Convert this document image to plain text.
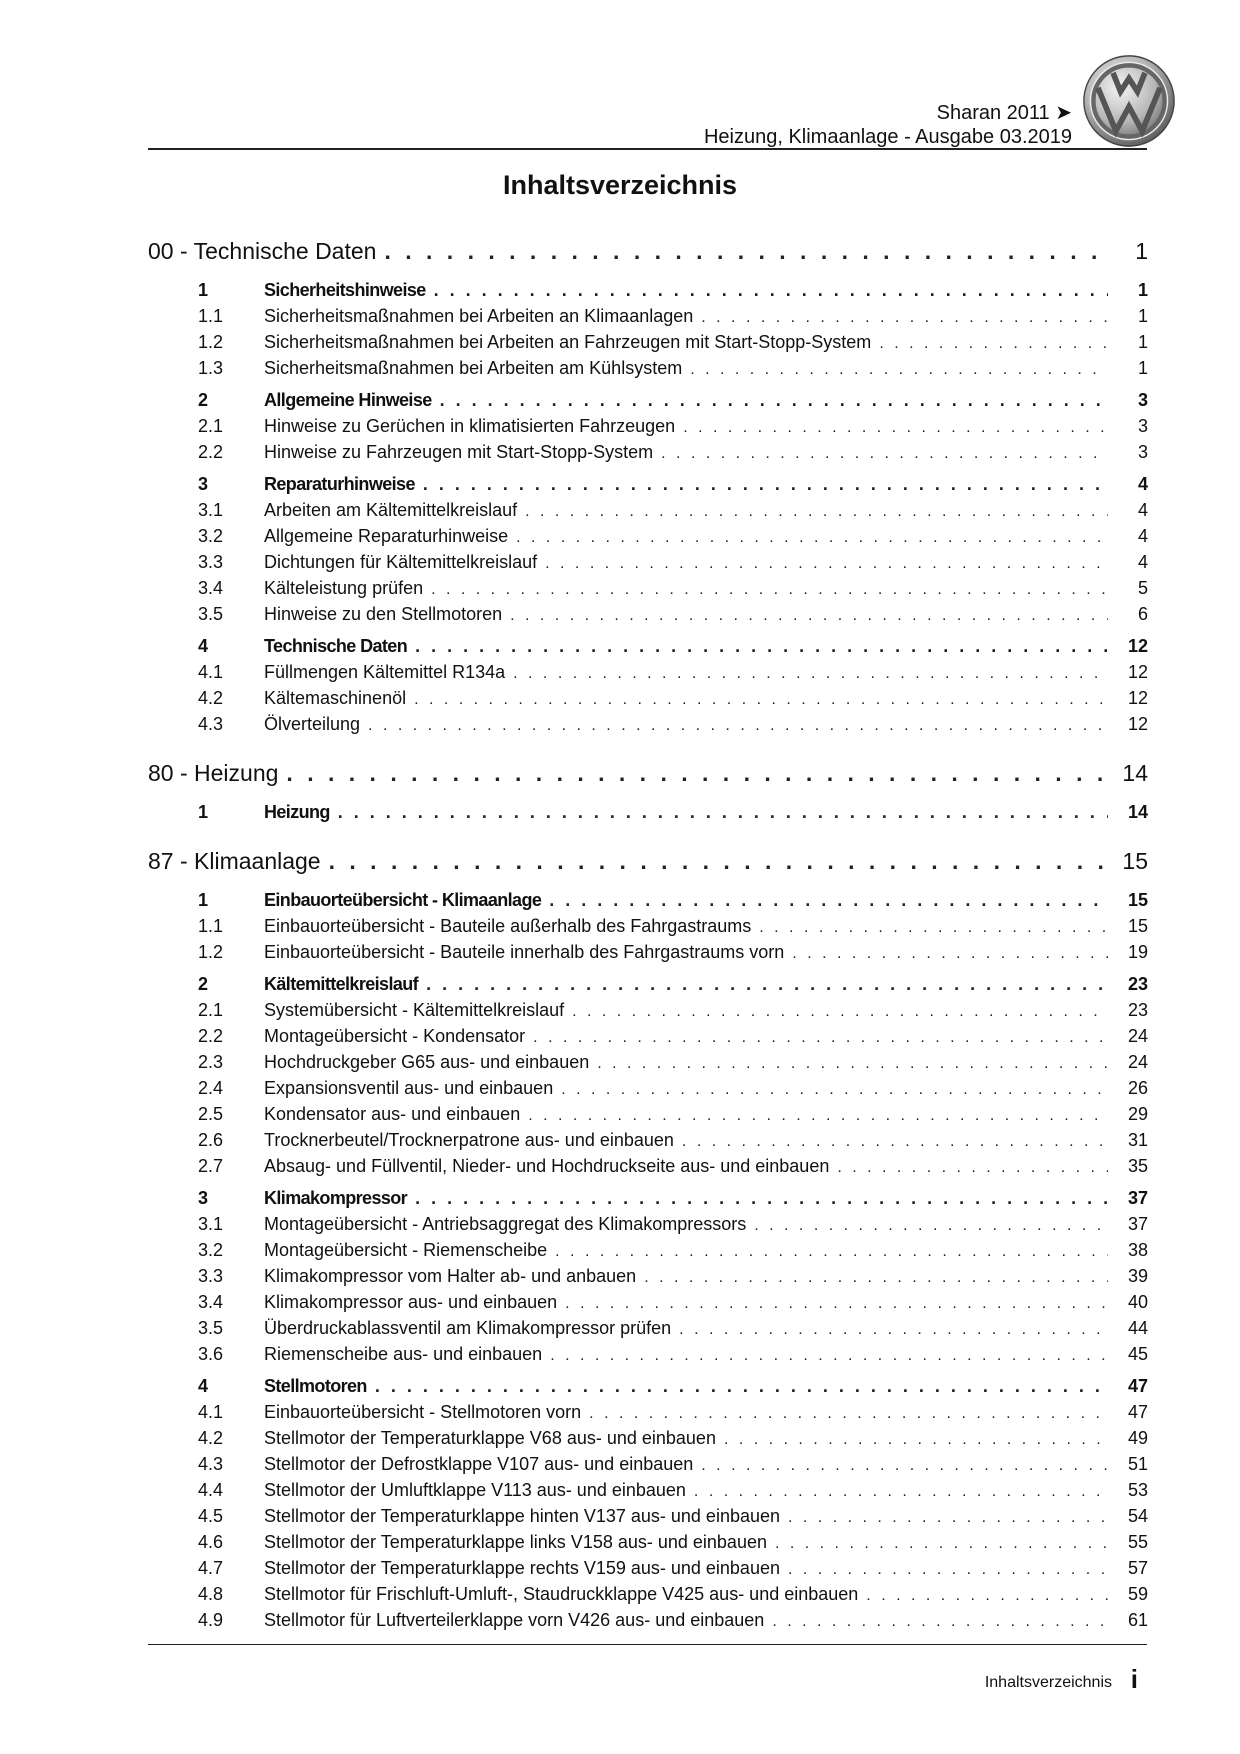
Sharan 2011 ➤
Heizung, Klimaanlage - Ausgabe 03.2019
Inhaltsverzeichnis
00 - Technische Daten . . .	1
1	Sicherheitshinweise . . .	1
1.1	Sicherheitsmaßnahmen bei Arbeiten an Klimaanlagen . . .	1
1.2	Sicherheitsmaßnahmen bei Arbeiten an Fahrzeugen mit Start-Stopp-System . . .	1
1.3	Sicherheitsmaßnahmen bei Arbeiten am Kühlsystem . . .	1
2	Allgemeine Hinweise . . .	3
2.1	Hinweise zu Gerüchen in klimatisierten Fahrzeugen . . .	3
2.2	Hinweise zu Fahrzeugen mit Start-Stopp-System . . .	3
3	Reparaturhinweise . . .	4
3.1	Arbeiten am Kältemittelkreislauf . . .	4
3.2	Allgemeine Reparaturhinweise . . .	4
3.3	Dichtungen für Kältemittelkreislauf . . .	4
3.4	Kälteleistung prüfen . . .	5
3.5	Hinweise zu den Stellmotoren . . .	6
4	Technische Daten . . .	12
4.1	Füllmengen Kältemittel R134a . . .	12
4.2	Kältemaschinenöl . . .	12
4.3	Ölverteilung . . .	12
80 - Heizung . . .	14
1	Heizung . . .	14
87 - Klimaanlage . . .	15
1	Einbauorteübersicht - Klimaanlage . . .	15
1.1	Einbauorteübersicht - Bauteile außerhalb des Fahrgastraums . . .	15
1.2	Einbauorteübersicht - Bauteile innerhalb des Fahrgastraums vorn . . .	19
2	Kältemittelkreislauf . . .	23
2.1	Systemübersicht - Kältemittelkreislauf . . .	23
2.2	Montageübersicht - Kondensator . . .	24
2.3	Hochdruckgeber G65 aus- und einbauen . . .	24
2.4	Expansionsventil aus- und einbauen . . .	26
2.5	Kondensator aus- und einbauen . . .	29
2.6	Trocknerbeutel/Trocknerpatrone aus- und einbauen . . .	31
2.7	Absaug- und Füllventil, Nieder- und Hochdruckseite aus- und einbauen . . .	35
3	Klimakompressor . . .	37
3.1	Montageübersicht - Antriebsaggregat des Klimakompressors . . .	37
3.2	Montageübersicht - Riemenscheibe . . .	38
3.3	Klimakompressor vom Halter ab- und anbauen . . .	39
3.4	Klimakompressor aus- und einbauen . . .	40
3.5	Überdruckablassventil am Klimakompressor prüfen . . .	44
3.6	Riemenscheibe aus- und einbauen . . .	45
4	Stellmotoren . . .	47
4.1	Einbauorteübersicht - Stellmotoren vorn . . .	47
4.2	Stellmotor der Temperaturklappe V68 aus- und einbauen . . .	49
4.3	Stellmotor der Defrostklappe V107 aus- und einbauen . . .	51
4.4	Stellmotor der Umluftklappe V113 aus- und einbauen . . .	53
4.5	Stellmotor der Temperaturklappe hinten V137 aus- und einbauen . . .	54
4.6	Stellmotor der Temperaturklappe links V158 aus- und einbauen . . .	55
4.7	Stellmotor der Temperaturklappe rechts V159 aus- und einbauen . . .	57
4.8	Stellmotor für Frischluft-Umluft-, Staudruckklappe V425 aus- und einbauen . . .	59
4.9	Stellmotor für Luftverteilerklappe vorn V426 aus- und einbauen . . .	61
Inhaltsverzeichnis i
